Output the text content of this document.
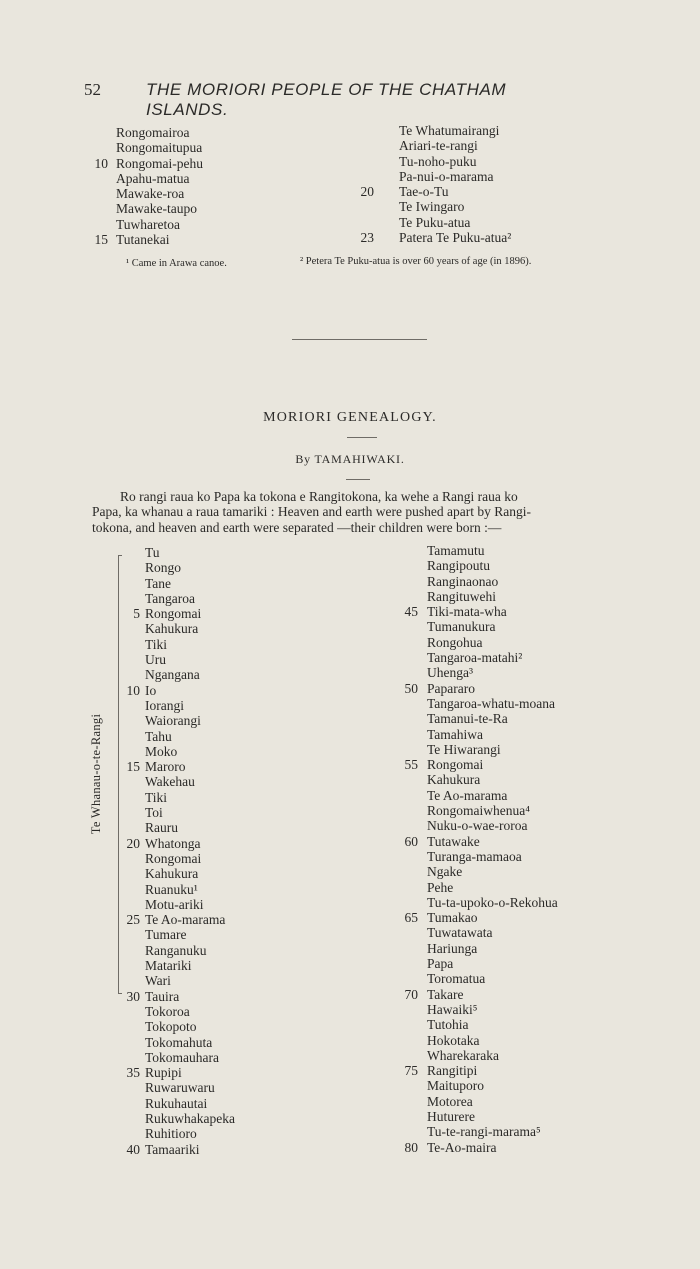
52	THE MORIORI PEOPLE OF THE CHATHAM ISLANDS.
Rongomairoa
Rongomaitupua
10 Rongomai-pehu
Apahu-matua
Mawake-roa
Mawake-taupo
Tuwharetoa
15 Tutanekai
Te Whatumairangi
Ariari-te-rangi
Tu-noho-puku
Pa-nui-o-marama
20 Tae-o-Tu
Te Iwingaro
Te Puku-atua
23 Patera Te Puku-atua²
¹ Came in Arawa canoe.	² Petera Te Puku-atua is over 60 years of age (in 1896).
MORIORI GENEALOGY.
By TAMAHIWAKI.
Ro rangi raua ko Papa ka tokona e Rangitokona, ka wehe a Rangi raua ko
Papa, ka whanau a raua tamariki : Heaven and earth were pushed apart by Rangi-
tokona, and heaven and earth were separated —their children were born :—
Te Whanau-o-te-Rangi
Tu
Rongo
Tane
Tangaroa
5 Rongomai
Kahukura
Tiki
Uru
Ngangana
10 Io
Iorangi
Waiorangi
Tahu
Moko
15 Maroro
Wakehau
Tiki
Toi
Rauru
20 Whatonga
Rongomai
Kahukura
Ruanuku¹
Motu-ariki
25 Te Ao-marama
Tumare
Ranganuku
Matariki
Wari
30 Tauira
Tokoroa
Tokopoto
Tokomahuta
Tokomauhara
35 Rupipi
Ruwaruwaru
Rukuhautai
Rukuwhakapeka
Ruhitioro
40 Tamaariki
Tamamutu
Rangipoutu
Ranginaonao
Rangituwehi
45 Tiki-mata-wha
Tumanukura
Rongohua
Tangaroa-matahi²
Uhenga³
50 Papararo
Tangaroa-whatu-moana
Tamanui-te-Ra
Tamahiwa
Te Hiwarangi
55 Rongomai
Kahukura
Te Ao-marama
Rongomaiwhenua⁴
Nuku-o-wae-roroa
60 Tutawake
Turanga-mamaoa
Ngake
Pehe
Tu-ta-upoko-o-Rekohua
65 Tumakao
Tuwatawata
Hariunga
Papa
Toromatua
70 Takare
Hawaiki⁵
Tutohia
Hokotaka
Wharekaraka
75 Rangitipi
Maituporo
Motorea
Huturere
Tu-te-rangi-marama⁵
80 Te-Ao-maira
